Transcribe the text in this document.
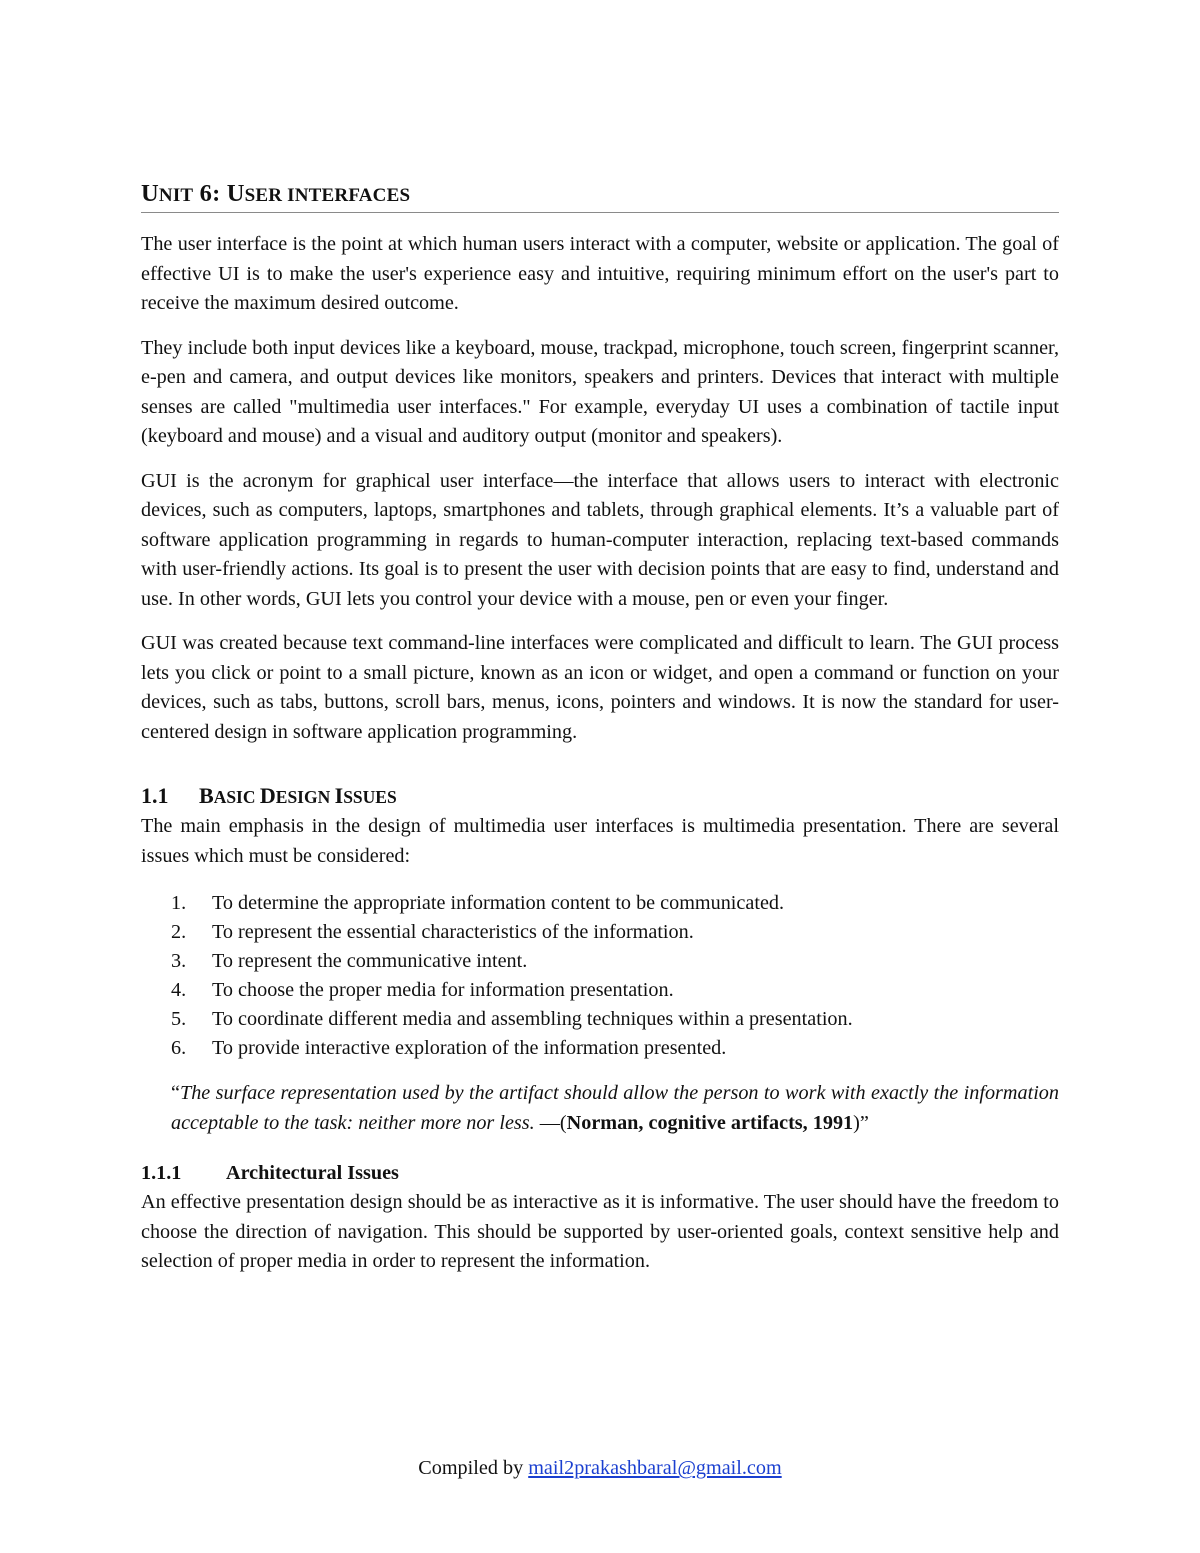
UNIT 6: USER INTERFACES

The user interface is the point at which human users interact with a computer, website or application. The goal of effective UI is to make the user's experience easy and intuitive, requiring minimum effort on the user's part to receive the maximum desired outcome.

They include both input devices like a keyboard, mouse, trackpad, microphone, touch screen, fingerprint scanner, e-pen and camera, and output devices like monitors, speakers and printers. Devices that interact with multiple senses are called "multimedia user interfaces." For example, everyday UI uses a combination of tactile input (keyboard and mouse) and a visual and auditory output (monitor and speakers).

GUI is the acronym for graphical user interface—the interface that allows users to interact with electronic devices, such as computers, laptops, smartphones and tablets, through graphical elements. It’s a valuable part of software application programming in regards to human-computer interaction, replacing text-based commands with user-friendly actions. Its goal is to present the user with decision points that are easy to find, understand and use. In other words, GUI lets you control your device with a mouse, pen or even your finger.

GUI was created because text command-line interfaces were complicated and difficult to learn. The GUI process lets you click or point to a small picture, known as an icon or widget, and open a command or function on your devices, such as tabs, buttons, scroll bars, menus, icons, pointers and windows. It is now the standard for user-centered design in software application programming.

1.1 BASIC DESIGN ISSUES

The main emphasis in the design of multimedia user interfaces is multimedia presentation. There are several issues which must be considered:

1.	To determine the appropriate information content to be communicated.
2.	To represent the essential characteristics of the information.
3.	To represent the communicative intent.
4.	To choose the proper media for information presentation.
5.	To coordinate different media and assembling techniques within a presentation.
6.	To provide interactive exploration of the information presented.
“The surface representation used by the artifact should allow the person to work with exactly the information acceptable to the task: neither more nor less. —(Norman, cognitive artifacts, 1991)”
1.1.1 Architectural Issues

An effective presentation design should be as interactive as it is informative. The user should have the freedom to choose the direction of navigation. This should be supported by user-oriented goals, context sensitive help and selection of proper media in order to represent the information.

Compiled by mail2prakashbaral@gmail.com
